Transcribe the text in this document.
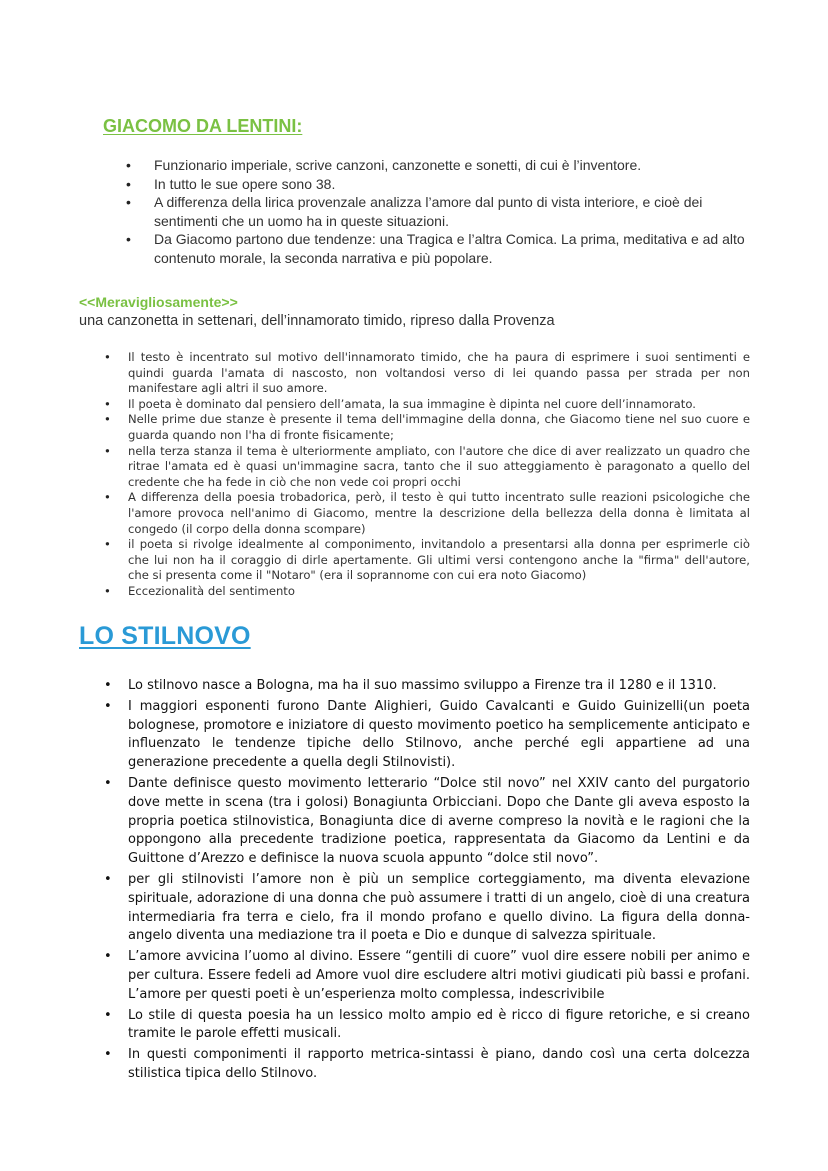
GIACOMO DA LENTINI:
• Funzionario imperiale, scrive canzoni, canzonette e sonetti, di cui è l’inventore.
• In tutto le sue opere sono 38.
• A differenza della lirica provenzale analizza l’amore dal punto di vista interiore, e cioè dei sentimenti che un uomo ha in queste situazioni.
• Da Giacomo partono due tendenze: una Tragica e l’altra Comica. La prima, meditativa e ad alto contenuto morale, la seconda narrativa e più popolare.
<<Meravigliosamente>>
una canzonetta in settenari, dell’innamorato timido, ripreso dalla Provenza
• Il testo è incentrato sul motivo dell'innamorato timido, che ha paura di esprimere i suoi sentimenti e quindi guarda l'amata di nascosto, non voltandosi verso di lei quando passa per strada per non manifestare agli altri il suo amore.
• Il poeta è dominato dal pensiero dell’amata, la sua immagine è dipinta nel cuore dell’innamorato.
• Nelle prime due stanze è presente il tema dell'immagine della donna, che Giacomo tiene nel suo cuore e guarda quando non l'ha di fronte fisicamente;
• nella terza stanza il tema è ulteriormente ampliato, con l'autore che dice di aver realizzato un quadro che ritrae l'amata ed è quasi un'immagine sacra, tanto che il suo atteggiamento è paragonato a quello del credente che ha fede in ciò che non vede coi propri occhi
• A differenza della poesia trobadorica, però, il testo è qui tutto incentrato sulle reazioni psicologiche che l'amore provoca nell'animo di Giacomo, mentre la descrizione della bellezza della donna è limitata al congedo (il corpo della donna scompare)
• il poeta si rivolge idealmente al componimento, invitandolo a presentarsi alla donna per esprimerle ciò che lui non ha il coraggio di dirle apertamente. Gli ultimi versi contengono anche la "firma" dell'autore, che si presenta come il "Notaro" (era il soprannome con cui era noto Giacomo)
• Eccezionalità del sentimento
LO STILNOVO
• Lo stilnovo nasce a Bologna, ma ha il suo massimo sviluppo a Firenze tra il 1280 e il 1310.
• I maggiori esponenti furono Dante Alighieri, Guido Cavalcanti e Guido Guinizelli(un poeta bolognese, promotore e iniziatore di questo movimento poetico ha semplicemente anticipato e influenzato le tendenze tipiche dello Stilnovo, anche perché egli appartiene ad una generazione precedente a quella degli Stilnovisti).
• Dante definisce questo movimento letterario “Dolce stil novo” nel XXIV canto del purgatorio dove mette in scena (tra i golosi) Bonagiunta Orbicciani. Dopo che Dante gli aveva esposto la propria poetica stilnovistica, Bonagiunta dice di averne compreso la novità e le ragioni che la oppongono alla precedente tradizione poetica, rappresentata da Giacomo da Lentini e da Guittone d’Arezzo e definisce la nuova scuola appunto “dolce stil novo”.
• per gli stilnovisti l’amore non è più un semplice corteggiamento, ma diventa elevazione spirituale, adorazione di una donna che può assumere i tratti di un angelo, cioè di una creatura intermediaria fra terra e cielo, fra il mondo profano e quello divino. La figura della donna-angelo diventa una mediazione tra il poeta e Dio e dunque di salvezza spirituale.
• L’amore avvicina l’uomo al divino. Essere “gentili di cuore” vuol dire essere nobili per animo e per cultura. Essere fedeli ad Amore vuol dire escludere altri motivi giudicati più bassi e profani. L’amore per questi poeti è un’esperienza molto complessa, indescrivibile
• Lo stile di questa poesia ha un lessico molto ampio ed è ricco di figure retoriche, e si creano tramite le parole effetti musicali.
• In questi componimenti il rapporto metrica-sintassi è piano, dando così una certa dolcezza stilistica tipica dello Stilnovo.
